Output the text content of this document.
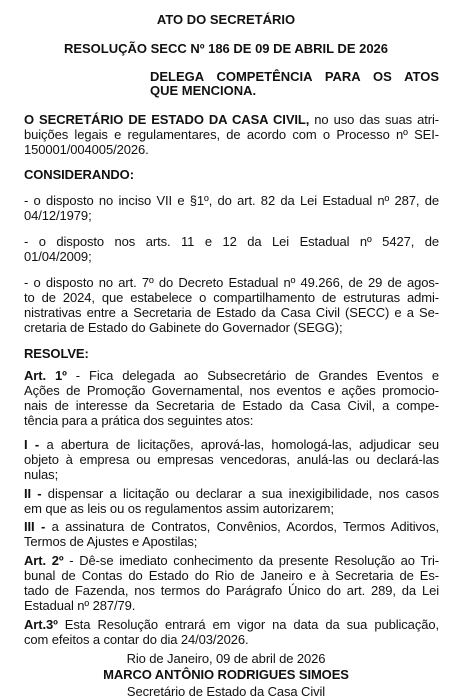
ATO DO SECRETÁRIO
RESOLUÇÃO SECC Nº 186 DE 09 DE ABRIL DE 2026
DELEGA COMPETÊNCIA PARA OS ATOS
QUE MENCIONA.
O SECRETÁRIO DE ESTADO DA CASA CIVIL, no uso das suas atri-
buições legais e regulamentares, de acordo com o Processo nº SEI-
150001/004005/2026.
CONSIDERANDO:
- o disposto no inciso VII e §1º, do art. 82 da Lei Estadual nº 287, de
04/12/1979;
- o disposto nos arts. 11 e 12 da Lei Estadual nº 5427, de
01/04/2009;
- o disposto no art. 7º do Decreto Estadual nº 49.266, de 29 de agos-
to de 2024, que estabelece o compartilhamento de estruturas admi-
nistrativas entre a Secretaria de Estado da Casa Civil (SECC) e a Se-
cretaria de Estado do Gabinete do Governador (SEGG);
RESOLVE:
Art. 1º - Fica delegada ao Subsecretário de Grandes Eventos e
Ações de Promoção Governamental, nos eventos e ações promocio-
nais de interesse da Secretaria de Estado da Casa Civil, a compe-
tência para a prática dos seguintes atos:
I - a abertura de licitações, aprová-las, homologá-las, adjudicar seu
objeto à empresa ou empresas vencedoras, anulá-las ou declará-las
nulas;
II - dispensar a licitação ou declarar a sua inexigibilidade, nos casos
em que as leis ou os regulamentos assim autorizarem;
III - a assinatura de Contratos, Convênios, Acordos, Termos Aditivos,
Termos de Ajustes e Apostilas;
Art. 2º - Dê-se imediato conhecimento da presente Resolução ao Tri-
bunal de Contas do Estado do Rio de Janeiro e à Secretaria de Es-
tado de Fazenda, nos termos do Parágrafo Único do art. 289, da Lei
Estadual nº 287/79.
Art.3º Esta Resolução entrará em vigor na data da sua publicação,
com efeitos a contar do dia 24/03/2026.
Rio de Janeiro, 09 de abril de 2026
MARCO ANTÔNIO RODRIGUES SIMOES
Secretário de Estado da Casa Civil
